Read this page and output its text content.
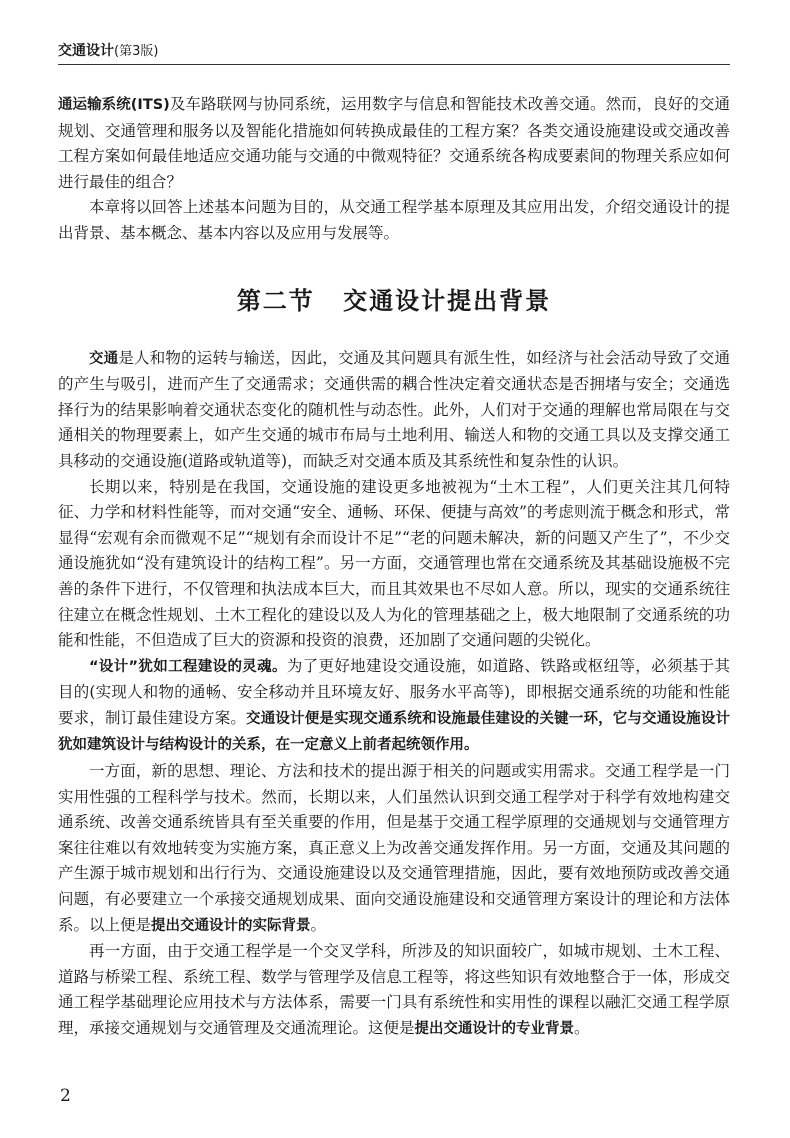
交通设计(第3版)

通运输系统(ITS)及车路联网与协同系统，运用数字与信息和智能技术改善交通。然而，良好的交通规划、交通管理和服务以及智能化措施如何转换成最佳的工程方案？各类交通设施建设或交通改善工程方案如何最佳地适应交通功能与交通的中微观特征？交通系统各构成要素间的物理关系应如何进行最佳的组合？

本章将以回答上述基本问题为目的，从交通工程学基本原理及其应用出发，介绍交通设计的提出背景、基本概念、基本内容以及应用与发展等。

第二节 交通设计提出背景

交通是人和物的运转与输送，因此，交通及其问题具有派生性，如经济与社会活动导致了交通的产生与吸引，进而产生了交通需求；交通供需的耦合性决定着交通状态是否拥堵与安全；交通选择行为的结果影响着交通状态变化的随机性与动态性。此外，人们对于交通的理解也常局限在与交通相关的物理要素上，如产生交通的城市布局与土地利用、输送人和物的交通工具以及支撑交通工具移动的交通设施(道路或轨道等)，而缺乏对交通本质及其系统性和复杂性的认识。

长期以来，特别是在我国，交通设施的建设更多地被视为“土木工程”，人们更关注其几何特征、力学和材料性能等，而对交通“安全、通畅、环保、便捷与高效”的考虑则流于概念和形式，常显得“宏观有余而微观不足”“规划有余而设计不足”“老的问题未解决，新的问题又产生了”，不少交通设施犹如“没有建筑设计的结构工程”。另一方面，交通管理也常在交通系统及其基础设施极不完善的条件下进行，不仅管理和执法成本巨大，而且其效果也不尽如人意。所以，现实的交通系统往往建立在概念性规划、土木工程化的建设以及人为化的管理基础之上，极大地限制了交通系统的功能和性能，不但造成了巨大的资源和投资的浪费，还加剧了交通问题的尖锐化。

“设计”犹如工程建设的灵魂。为了更好地建设交通设施，如道路、铁路或枢纽等，必须基于其目的(实现人和物的通畅、安全移动并且环境友好、服务水平高等)，即根据交通系统的功能和性能要求，制订最佳建设方案。交通设计便是实现交通系统和设施最佳建设的关键一环，它与交通设施设计犹如建筑设计与结构设计的关系，在一定意义上前者起统领作用。

一方面，新的思想、理论、方法和技术的提出源于相关的问题或实用需求。交通工程学是一门实用性强的工程科学与技术。然而，长期以来，人们虽然认识到交通工程学对于科学有效地构建交通系统、改善交通系统皆具有至关重要的作用，但是基于交通工程学原理的交通规划与交通管理方案往往难以有效地转变为实施方案，真正意义上为改善交通发挥作用。另一方面，交通及其问题的产生源于城市规划和出行行为、交通设施建设以及交通管理措施，因此，要有效地预防或改善交通问题，有必要建立一个承接交通规划成果、面向交通设施建设和交通管理方案设计的理论和方法体系。以上便是提出交通设计的实际背景。

再一方面，由于交通工程学是一个交叉学科，所涉及的知识面较广，如城市规划、土木工程、道路与桥梁工程、系统工程、数学与管理学及信息工程等，将这些知识有效地整合于一体，形成交通工程学基础理论应用技术与方法体系，需要一门具有系统性和实用性的课程以融汇交通工程学原理，承接交通规划与交通管理及交通流理论。这便是提出交通设计的专业背景。

2
